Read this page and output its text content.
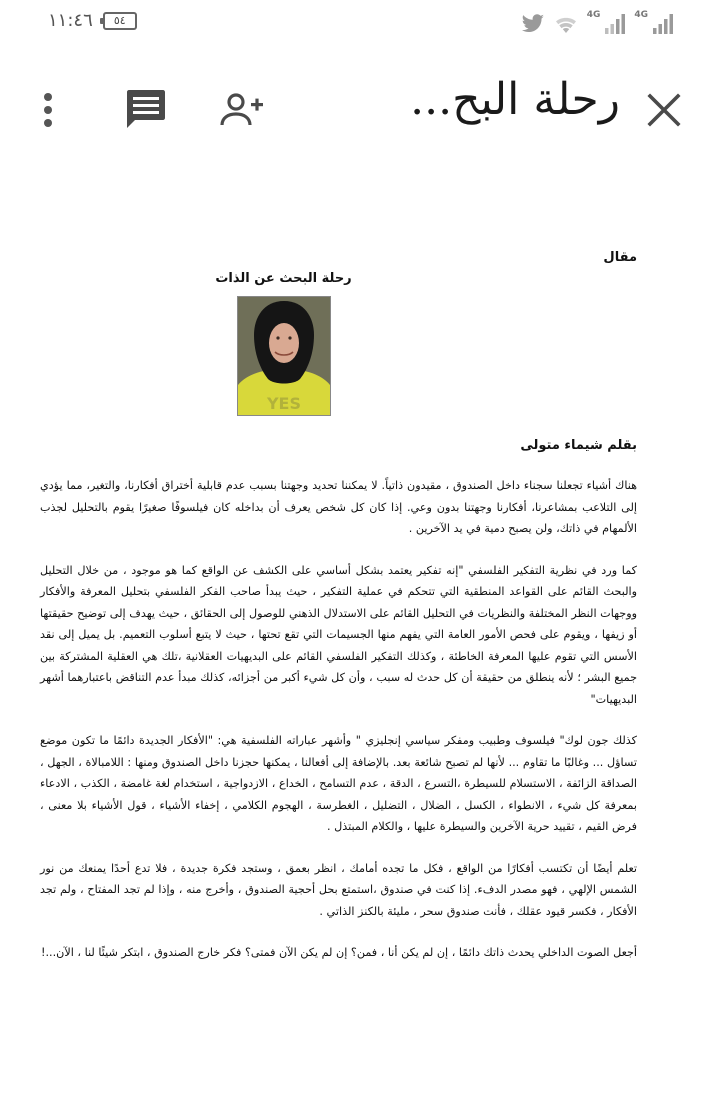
١١:٤٦ ٥٤	4G	4G
رحلة البح...

مقال

رحلة البحث عن الذات

YES

بقلم شيماء متولى

هناك أشياء تجعلنا سجناء داخل الصندوق ، مقيدون ذاتياً. لا يمكننا تحديد وجهتنا بسبب عدم قابلية أختراق أفكارنا، والتغير، مما يؤدي إلى التلاعب بمشاعرنا، أفكارنا وجهتنا بدون وعي. إذا كان كل شخص يعرف أن بداخله كان فيلسوفًا صغيرًا يقوم بالتحليل لجذب الألمهام في ذاتك، ولن يصبح دمية في يد الآخرين .

كما ورد في نظرية التفكير الفلسفي "إنه تفكير يعتمد بشكل أساسي على الكشف عن الواقع كما هو موجود ، من خلال التحليل والبحث القائم على القواعد المنطقية التي تتحكم في عملية التفكير ، حيث يبدأ صاحب الفكر الفلسفي بتحليل المعرفة والأفكار ووجهات النظر المختلفة والنظريات في التحليل القائم على الاستدلال الذهني للوصول إلى الحقائق ، حيث يهدف إلى توضيح حقيقتها أو زيفها ، ويقوم على فحص الأمور العامة التي يفهم منها الجسيمات التي تقع تحتها ، حيث لا يتبع أسلوب التعميم. بل يميل إلى نقد الأسس التي تقوم عليها المعرفة الخاطئة ، وكذلك التفكير الفلسفي القائم على البديهيات العقلانية ،تلك هي العقلية المشتركة بين جميع البشر ؛ لأنه ينطلق من حقيقة أن كل حدث له سبب ، وأن كل شيء أكبر من أجزائه، كذلك مبدأ عدم التناقض باعتبارهما أشهر البديهيات"

كذلك جون لوك" فيلسوف وطبيب ومفكر سياسي إنجليزي " وأشهر عباراته الفلسفية هي: "الأفكار الجديدة دائمًا ما تكون موضع تساؤل ... وغالبًا ما تقاوم ... لأنها لم تصبح شائعة بعد. بالإضافة إلى أفعالنا ، يمكنها حجزنا داخل الصندوق ومنها : اللامبالاة ، الجهل ، الصداقة الزائفة ، الاستسلام للسيطرة ،التسرع ، الدقة ، عدم التسامح ، الخداع ، الازدواجية ، استخدام لغة غامضة ، الكذب ، الادعاء بمعرفة كل شيء ، الانطواء ، الكسل ، الضلال ، التضليل ، الغطرسة ، الهجوم الكلامي ، إخفاء الأشياء ، قول الأشياء بلا معنى ، فرض القيم ، تقييد حرية الآخرين والسيطرة عليها ، والكلام المبتذل .

تعلم أيضًا أن تكتسب أفكارًا من الواقع ، فكل ما تجده أمامك ، انظر بعمق ، وستجد فكرة جديدة ، فلا تدع أحدًا يمنعك من نور الشمس الإلهي ، فهو مصدر الدفء. إذا كنت في صندوق ،استمتع بحل أحجية الصندوق ، وأخرج منه ، وإذا لم تجد المفتاح ، ولم تجد الأفكار ، فكسر قيود عقلك ، فأنت صندوق سحر ، مليئة بالكنز الذاتي .

أجعل الصوت الداخلي يحدث ذاتك دائمًا ، إن لم يكن أنا ، فمن؟ إن لم يكن الآن فمتى؟ فكر خارج الصندوق ، ابتكر شيئًا لنا ، الآن...!
